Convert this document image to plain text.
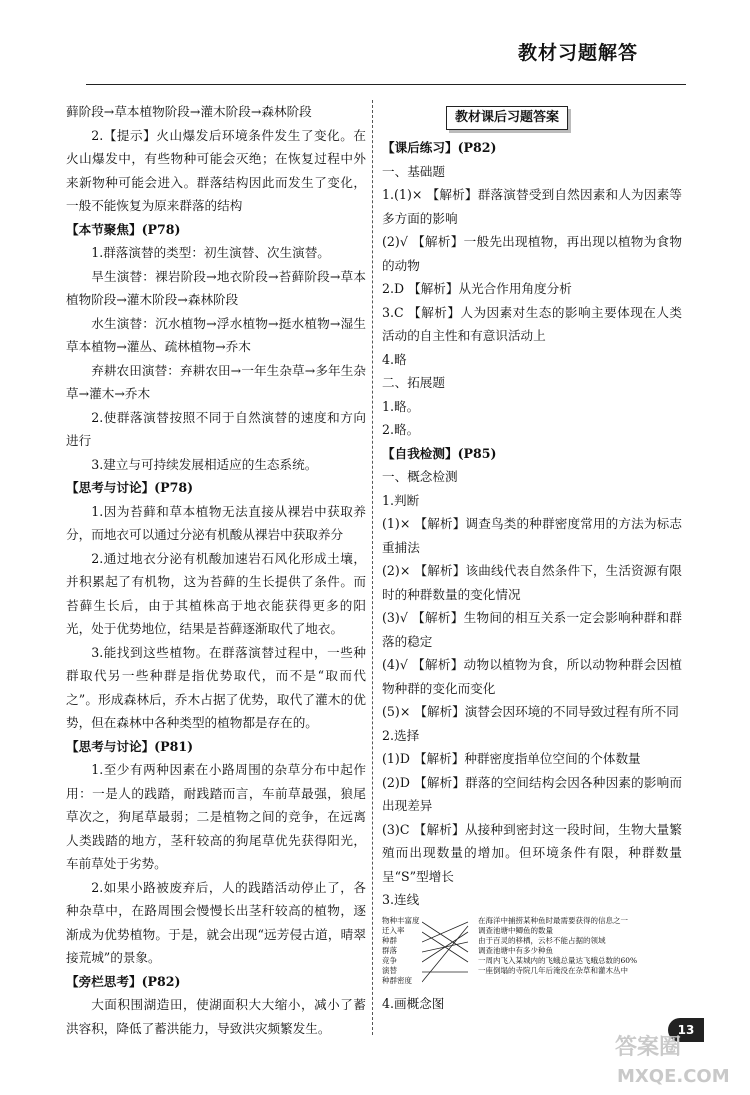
教材习题解答

藓阶段→草本植物阶段→灌木阶段→森林阶段

2.【提示】火山爆发后环境条件发生了变化。在火山爆发中，有些物种可能会灭绝；在恢复过程中外来新物种可能会进入。群落结构因此而发生了变化，一般不能恢复为原来群落的结构

【本节聚焦】(P78)

1.群落演替的类型：初生演替、次生演替。

旱生演替：裸岩阶段→地衣阶段→苔藓阶段→草本植物阶段→灌木阶段→森林阶段

水生演替：沉水植物→浮水植物→挺水植物→湿生草本植物→灌丛、疏林植物→乔木

弃耕农田演替：弃耕农田→一年生杂草→多年生杂草→灌木→乔木

2.使群落演替按照不同于自然演替的速度和方向进行

3.建立与可持续发展相适应的生态系统。

【思考与讨论】(P78)

1.因为苔藓和草本植物无法直接从裸岩中获取养分，而地衣可以通过分泌有机酸从裸岩中获取养分

2.通过地衣分泌有机酸加速岩石风化形成土壤，并积累起了有机物，这为苔藓的生长提供了条件。而苔藓生长后，由于其植株高于地衣能获得更多的阳光，处于优势地位，结果是苔藓逐渐取代了地衣。

3.能找到这些植物。在群落演替过程中，一些种群取代另一些种群是指优势取代，而不是“取而代之”。形成森林后，乔木占据了优势，取代了灌木的优势，但在森林中各种类型的植物都是存在的。

【思考与讨论】(P81)

1.至少有两种因素在小路周围的杂草分布中起作用：一是人的践踏，耐践踏而言，车前草最强，狼尾草次之，狗尾草最弱；二是植物之间的竞争，在远离人类践踏的地方，茎秆较高的狗尾草优先获得阳光，车前草处于劣势。

2.如果小路被废弃后，人的践踏活动停止了，各种杂草中，在路周围会慢慢长出茎秆较高的植物，逐渐成为优势植物。于是，就会出现“远芳侵古道，晴翠接荒城”的景象。

【旁栏思考】(P82)

大面积围湖造田，使湖面积大大缩小，减小了蓄洪容积，降低了蓄洪能力，导致洪灾频繁发生。

教材课后习题答案

【课后练习】(P82)

一、基础题

1.(1)× 【解析】群落演替受到自然因素和人为因素等多方面的影响

(2)√ 【解析】一般先出现植物，再出现以植物为食物的动物

2.D 【解析】从光合作用角度分析

3.C 【解析】人为因素对生态的影响主要体现在人类活动的自主性和有意识活动上

4.略

二、拓展题

1.略。

2.略。

【自我检测】(P85)

一、概念检测

1.判断

(1)× 【解析】调查鸟类的种群密度常用的方法为标志重捕法

(2)× 【解析】该曲线代表自然条件下，生活资源有限时的种群数量的变化情况

(3)√ 【解析】生物间的相互关系一定会影响种群和群落的稳定

(4)√ 【解析】动物以植物为食，所以动物种群会因植物种群的变化而变化

(5)× 【解析】演替会因环境的不同导致过程有所不同

2.选择

(1)D 【解析】种群密度指单位空间的个体数量

(2)D 【解析】群落的空间结构会因各种因素的影响而出现差异

(3)C 【解析】从接种到密封这一段时间，生物大量繁殖而出现数量的增加。但环境条件有限，种群数量呈“S”型增长

3.连线

物种丰富度
迁入率
种群
群落
竞争
演替
种群密度
在海洋中捕捞某种鱼时最需要获得的信息之一
调查池塘中鲫鱼的数量
由于百灵的移栖，云杉不能占据的领域
调查池塘中有多少种鱼
一周内飞入某城内的飞蛾总量达飞蛾总数的60%
一座倒塌的寺院几年后淹没在杂草和灌木丛中

4.画概念图

13
答案圈
MXQE.COM
